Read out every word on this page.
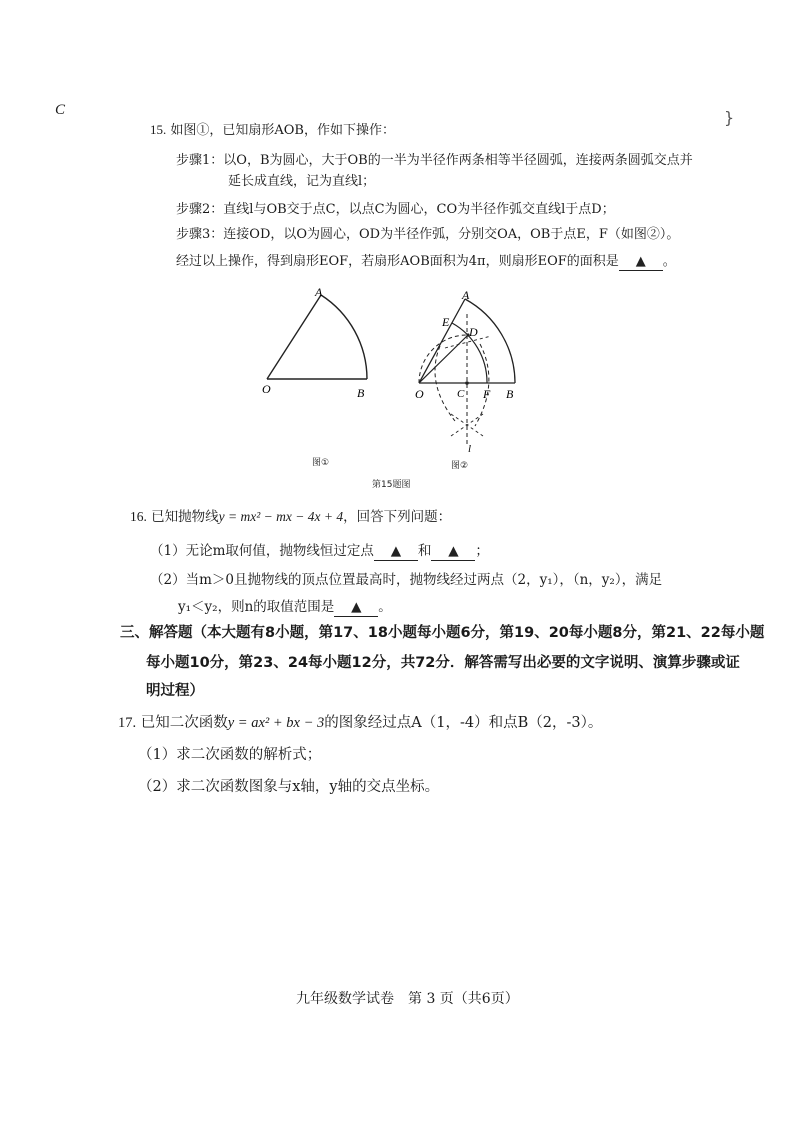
C	}
15. 如图①，已知扇形AOB，作如下操作：
步骤1：以O，B为圆心，大于OB的一半为半径作两条相等半径圆弧，连接两条圆弧交点并
延长成直线，记为直线l；
步骤2：直线l与OB交于点C，以点C为圆心，CO为半径作弧交直线l于点D；
步骤3：连接OD，以O为圆心，OD为半径作弧，分别交OA，OB于点E，F（如图②）。
经过以上操作，得到扇形EOF，若扇形AOB面积为4π，则扇形EOF的面积是 ▲ 。
A
O	B
A
E
D
O	C F B
l
图①	图②
第15题图
16. 已知抛物线y = mx² − mx − 4x + 4，回答下列问题：
（1）无论m取何值，抛物线恒过定点 ▲ 和 ▲ ；
（2）当m＞0且抛物线的顶点位置最高时，抛物线经过两点（2，y₁），（n，y₂），满足
y₁＜y₂，则n的取值范围是 ▲ 。
三、解答题（本大题有8小题，第17、18小题每小题6分，第19、20每小题8分，第21、22每小题
每小题10分，第23、24每小题12分，共72分．解答需写出必要的文字说明、演算步骤或证
明过程）
17. 已知二次函数y = ax² + bx − 3的图象经过点A（1，-4）和点B（2，-3）。
（1）求二次函数的解析式；
（2）求二次函数图象与x轴，y轴的交点坐标。
九年级数学试卷　第 3 页（共6页）
